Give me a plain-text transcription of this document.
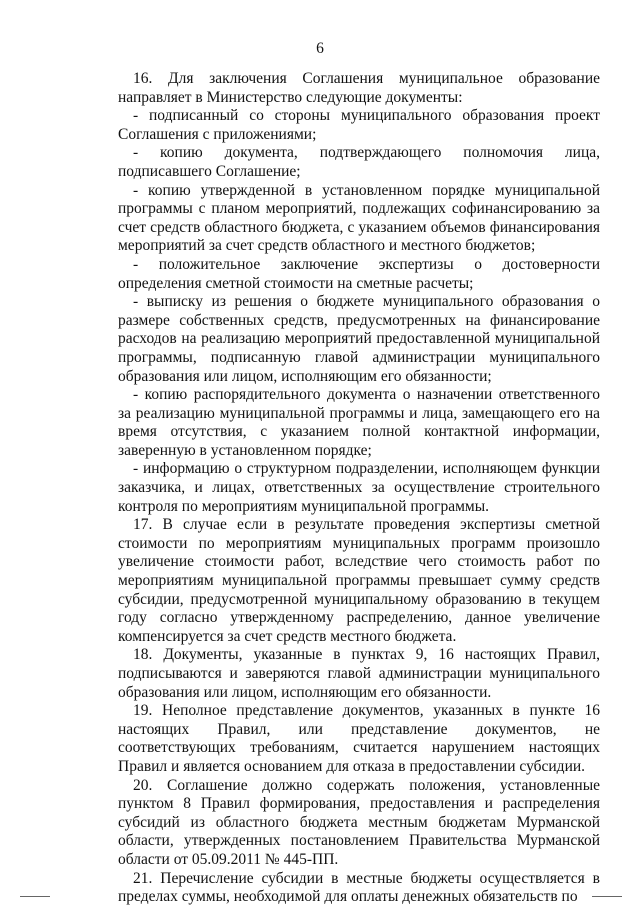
6

16. Для заключения Соглашения муниципальное образование направляет в Министерство следующие документы:

- подписанный со стороны муниципального образования проект Соглашения с приложениями;

- копию документа, подтверждающего полномочия лица, подписавшего Соглашение;

- копию утвержденной в установленном порядке муниципальной программы с планом мероприятий, подлежащих софинансированию за счет средств областного бюджета, с указанием объемов финансирования мероприятий за счет средств областного и местного бюджетов;

- положительное заключение экспертизы о достоверности определения сметной стоимости на сметные расчеты;

- выписку из решения о бюджете муниципального образования о размере собственных средств, предусмотренных на финансирование расходов на реализацию мероприятий предоставленной муниципальной программы, подписанную главой администрации муниципального образования или лицом, исполняющим его обязанности;

- копию распорядительного документа о назначении ответственного за реализацию муниципальной программы и лица, замещающего его на время отсутствия, с указанием полной контактной информации, заверенную в установленном порядке;

- информацию о структурном подразделении, исполняющем функции заказчика, и лицах, ответственных за осуществление строительного контроля по мероприятиям муниципальной программы.

17. В случае если в результате проведения экспертизы сметной стоимости по мероприятиям муниципальных программ произошло увеличение стоимости работ, вследствие чего стоимость работ по мероприятиям муниципальной программы превышает сумму средств субсидии, предусмотренной муниципальному образованию в текущем году согласно утвержденному распределению, данное увеличение компенсируется за счет средств местного бюджета.

18. Документы, указанные в пунктах 9, 16 настоящих Правил, подписываются и заверяются главой администрации муниципального образования или лицом, исполняющим его обязанности.

19. Неполное представление документов, указанных в пункте 16 настоящих Правил, или представление документов, не соответствующих требованиям, считается нарушением настоящих Правил и является основанием для отказа в предоставлении субсидии.

20. Соглашение должно содержать положения, установленные пунктом 8 Правил формирования, предоставления и распределения субсидий из областного бюджета местным бюджетам Мурманской области, утвержденных постановлением Правительства Мурманской области от 05.09.2011 № 445-ПП.

21. Перечисление субсидии в местные бюджеты осуществляется в пределах суммы, необходимой для оплаты денежных обязательств по
